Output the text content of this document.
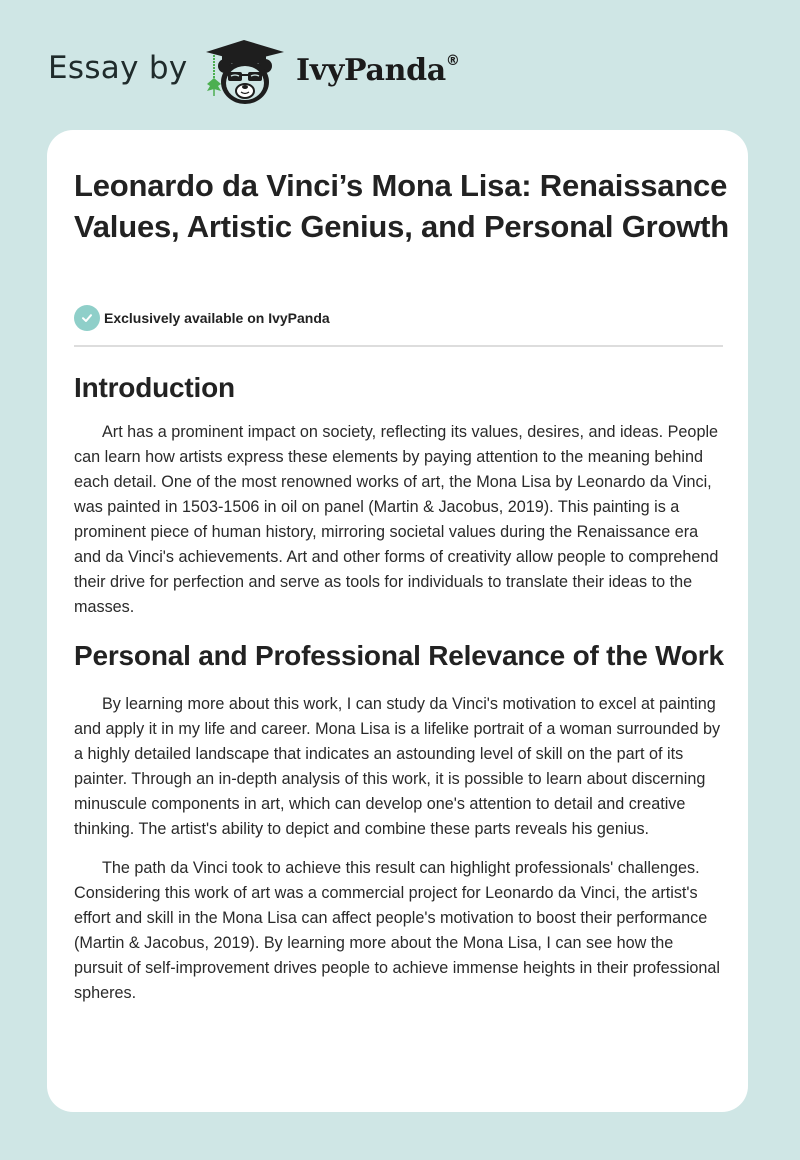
Essay by	IvyPanda®
Leonardo da Vinci’s Mona Lisa: Renaissance Values, Artistic Genius, and Personal Growth
Exclusively available on IvyPanda
Introduction

Art has a prominent impact on society, reflecting its values, desires, and ideas. People can learn how artists express these elements by paying attention to the meaning behind each detail. One of the most renowned works of art, the Mona Lisa by Leonardo da Vinci, was painted in 1503-1506 in oil on panel (Martin & Jacobus, 2019). This painting is a prominent piece of human history, mirroring societal values during the Renaissance era and da Vinci's achievements. Art and other forms of creativity allow people to comprehend their drive for perfection and serve as tools for individuals to translate their ideas to the masses.

Personal and Professional Relevance of the Work

By learning more about this work, I can study da Vinci's motivation to excel at painting and apply it in my life and career. Mona Lisa is a lifelike portrait of a woman surrounded by a highly detailed landscape that indicates an astounding level of skill on the part of its painter. Through an in-depth analysis of this work, it is possible to learn about discerning minuscule components in art, which can develop one's attention to detail and creative thinking. The artist's ability to depict and combine these parts reveals his genius.

The path da Vinci took to achieve this result can highlight professionals' challenges. Considering this work of art was a commercial project for Leonardo da Vinci, the artist's effort and skill in the Mona Lisa can affect people's motivation to boost their performance (Martin & Jacobus, 2019). By learning more about the Mona Lisa, I can see how the pursuit of self-improvement drives people to achieve immense heights in their professional spheres.
